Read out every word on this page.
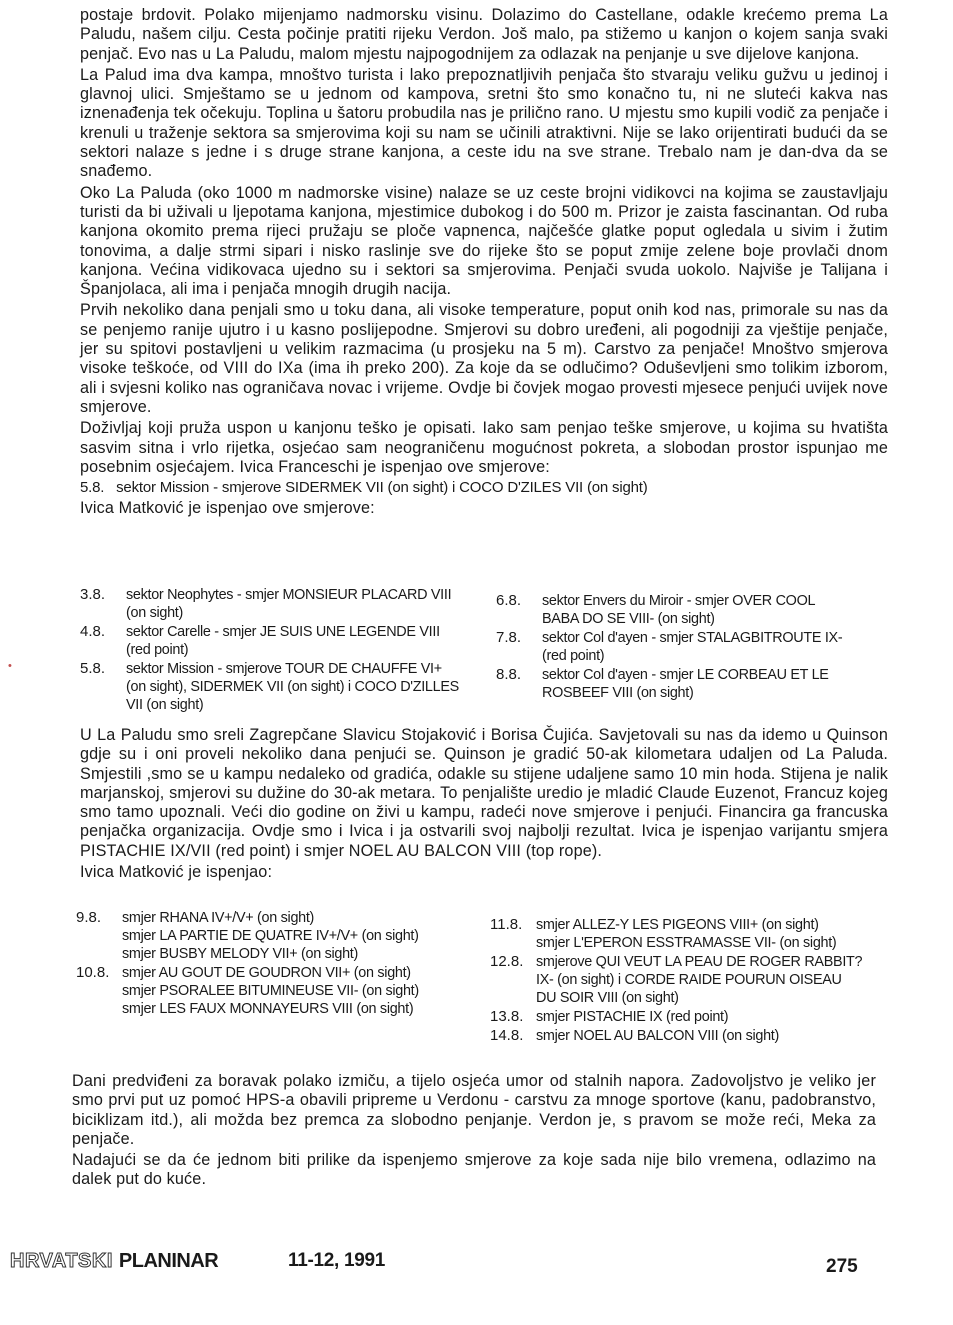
postaje brdovit. Polako mijenjamo nadmorsku visinu. Dolazimo do Castellane, odakle krećemo prema La Paludu, našem cilju. Cesta počinje pratiti rijeku Verdon. Još malo, pa stižemo u kanjon o kojem sanja svaki penjač. Evo nas u La Paludu, malom mjestu najpogodnijem za odlazak na penjanje u sve dijelove kanjona.

La Palud ima dva kampa, mnoštvo turista i lako prepoznatljivih penjača što stvaraju veliku gužvu u jedinoj i glavnoj ulici. Smještamo se u jednom od kampova, sretni što smo konačno tu, ni ne sluteći kakva nas iznenađenja tek očekuju. Toplina u šatoru probudila nas je prilično rano. U mjestu smo kupili vodič za penjače i krenuli u traženje sektora sa smjerovima koji su nam se učinili atraktivni. Nije se lako orijentirati budući da se sektori nalaze s jedne i s druge strane kanjona, a ceste idu na sve strane. Trebalo nam je dan-dva da se snađemo.

Oko La Paluda (oko 1000 m nadmorske visine) nalaze se uz ceste brojni vidikovci na kojima se zaustavljaju turisti da bi uživali u ljepotama kanjona, mjestimice dubokog i do 500 m. Prizor je zaista fascinantan. Od ruba kanjona okomito prema rijeci pružaju se ploče vapnenca, najčešće glatke poput ogledala u sivim i žutim tonovima, a dalje strmi sipari i nisko raslinje sve do rijeke što se poput zmije zelene boje provlači dnom kanjona. Većina vidikovaca ujedno su i sektori sa smjerovima. Penjači svuda uokolo. Najviše je Talijana i Španjolaca, ali ima i penjača mnogih drugih nacija.

Prvih nekoliko dana penjali smo u toku dana, ali visoke temperature, poput onih kod nas, primorale su nas da se penjemo ranije ujutro i u kasno poslijepodne. Smjerovi su dobro uređeni, ali pogodniji za vještije penjače, jer su spitovi postavljeni u velikim razmacima (u prosjeku na 5 m). Carstvo za penjače! Mnoštvo smjerova visoke teškoće, od VIII do IXa (ima ih preko 200). Za koje da se odlučimo? Oduševljeni smo tolikim izborom, ali i svjesni koliko nas ograničava novac i vrijeme. Ovdje bi čovjek mogao provesti mjesece penjući uvijek nove smjerove.

Doživljaj koji pruža uspon u kanjonu teško je opisati. Iako sam penjao teške smjerove, u kojima su hvatišta sasvim sitna i vrlo rijetka, osjećao sam neograničenu mogućnost pokreta, a slobodan prostor ispunjao me posebnim osjećajem. Ivica Franceschi je ispenjao ove smjerove:

5.8.   sektor Mission - smjerove SIDERMEK VII (on sight) i COCO D'ZILES VII (on sight)

Ivica Matković je ispenjao ove smjerove:

3.8.	sektor Neophytes - smjer MONSIEUR PLACARD VIII
(on sight)
4.8.	sektor Carelle - smjer JE SUIS UNE LEGENDE VIII
(red point)
5.8.	sektor Mission - smjerove TOUR DE CHAUFFE VI+
(on sight), SIDERMEK VII (on sight) i COCO D'ZILLES
VII (on sight)
6.8.	sektor Envers du Miroir - smjer OVER COOL
BABA DO SE VIII- (on sight)
7.8.	sektor Col d'ayen - smjer STALAGBITROUTE IX-
(red point)
8.8.	sektor Col d'ayen - smjer LE CORBEAU ET LE
ROSBEEF VIII (on sight)

U La Paludu smo sreli Zagrepčane Slavicu Stojaković i Borisa Čujića. Savjetovali su nas da idemo u Quinson gdje su i oni proveli nekoliko dana penjući se. Quinson je gradić 50-ak kilometara udaljen od La Paluda. Smjestili ,smo se u kampu nedaleko od gradića, odakle su stijene udaljene samo 10 min hoda. Stijena je nalik marjanskoj, smjerovi su dužine do 30-ak metara. To penjalište uredio je mladić Claude Euzenot, Francuz kojeg smo tamo upoznali. Veći dio godine on živi u kampu, radeći nove smjerove i penjući. Financira ga francuska penjačka organizacija. Ovdje smo i Ivica i ja ostvarili svoj najbolji rezultat. Ivica je ispenjao varijantu smjera PISTACHIE IX/VII (red point) i smjer NOEL AU BALCON VIII (top rope).

Ivica Matković je ispenjao:

9.8.	smjer RHANA IV+/V+ (on sight)
smjer LA PARTIE DE QUATRE IV+/V+ (on sight)
smjer BUSBY MELODY VII+ (on sight)
10.8. smjer AU GOUT DE GOUDRON VII+ (on sight)
smjer PSORALEE BITUMINEUSE VII- (on sight)
smjer LES FAUX MONNAYEURS VIII (on sight)
11.8. smjer ALLEZ-Y LES PIGEONS VIII+ (on sight)
smjer L'EPERON ESSTRAMASSE VII- (on sight)
12.8. smjerove QUI VEUT LA PEAU DE ROGER RABBIT?
IX- (on sight) i CORDE RAIDE POURUN OISEAU
DU SOIR VIII (on sight)
13.8. smjer PISTACHIE IX (red point)
14.8. smjer NOEL AU BALCON VIII (on sight)

Dani predviđeni za boravak polako izmiču, a tijelo osjeća umor od stalnih napora. Zadovoljstvo je veliko jer smo prvi put uz pomoć HPS-a obavili pripreme u Verdonu - carstvu za mnoge sportove (kanu, padobranstvo, biciklizam itd.), ali možda bez premca za slobodno penjanje. Verdon je, s pravom se može reći, Meka za penjače.

Nadajući se da će jednom biti prilike da ispenjemo smjerove za koje sada nije bilo vremena, odlazimo na dalek put do kuće.

•
HRVATSKI PLANINAR	11-12, 1991	275
